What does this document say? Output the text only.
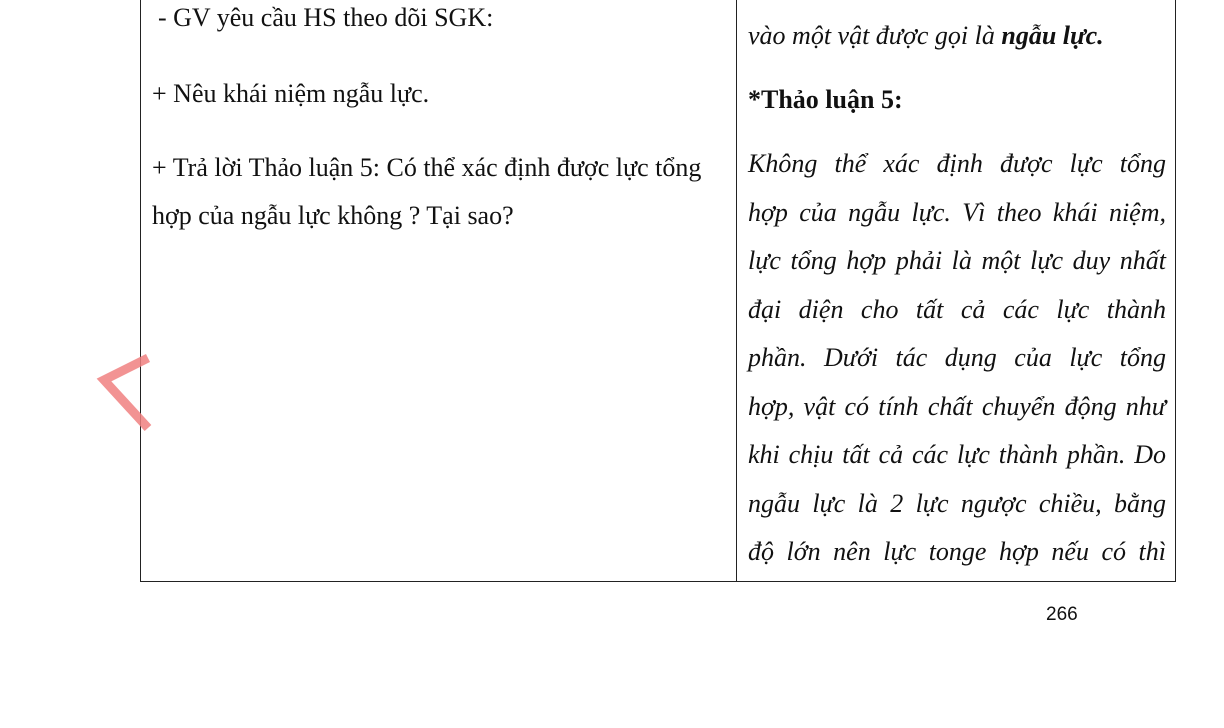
- GV yêu cầu HS theo dõi SGK:

+ Nêu khái niệm ngẫu lực.

+ Trả lời Thảo luận 5: Có thể xác định được lực tổng hợp của ngẫu lực không ? Tại sao?

vào một vật được gọi là ngẫu lực.
*Thảo luận 5:
Không thể xác định được lực tổng
hợp của ngẫu lực. Vì theo khái niệm,
lực tổng hợp phải là một lực duy nhất
đại diện cho tất cả các lực thành
phần. Dưới tác dụng của lực tổng
hợp, vật có tính chất chuyển động như
khi chịu tất cả các lực thành phần. Do
ngẫu lực là 2 lực ngược chiều, bằng
độ lớn nên lực tonge hợp nếu có thì
266
